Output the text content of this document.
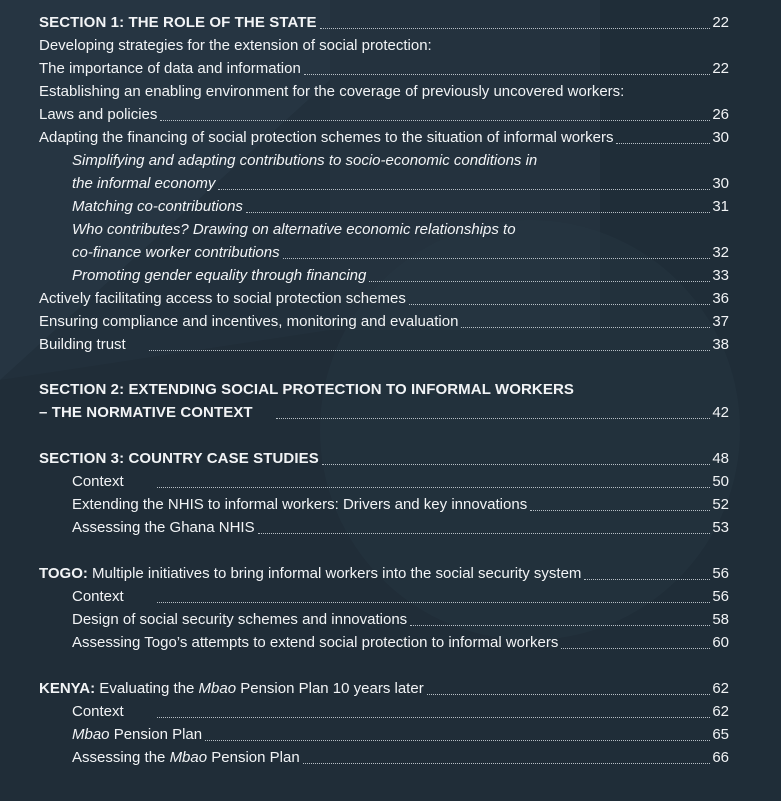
SECTION 1: THE ROLE OF THE STATE	22
Developing strategies for the extension of social protection:
The importance of data and information	22
Establishing an enabling environment for the coverage of previously uncovered workers:
Laws and policies	26
Adapting the financing of social protection schemes to the situation of informal workers	30
Simplifying and adapting contributions to socio-economic conditions in
the informal economy	30
Matching co-contributions	31
Who contributes? Drawing on alternative economic relationships to
co-finance worker contributions	32
Promoting gender equality through financing	33
Actively facilitating access to social protection schemes	36
Ensuring compliance and incentives, monitoring and evaluation	37
Building trust	38
SECTION 2: EXTENDING SOCIAL PROTECTION TO INFORMAL WORKERS
– THE NORMATIVE CONTEXT	42
SECTION 3: COUNTRY CASE STUDIES	48
Context	50
Extending the NHIS to informal workers: Drivers and key innovations	52
Assessing the Ghana NHIS	53
TOGO: Multiple initiatives to bring informal workers into the social security system	56
Context	56
Design of social security schemes and innovations	58
Assessing Togo’s attempts to extend social protection to informal workers	60
KENYA: Evaluating the Mbao Pension Plan 10 years later	62
Context	62
Mbao Pension Plan	65
Assessing the Mbao Pension Plan	66
